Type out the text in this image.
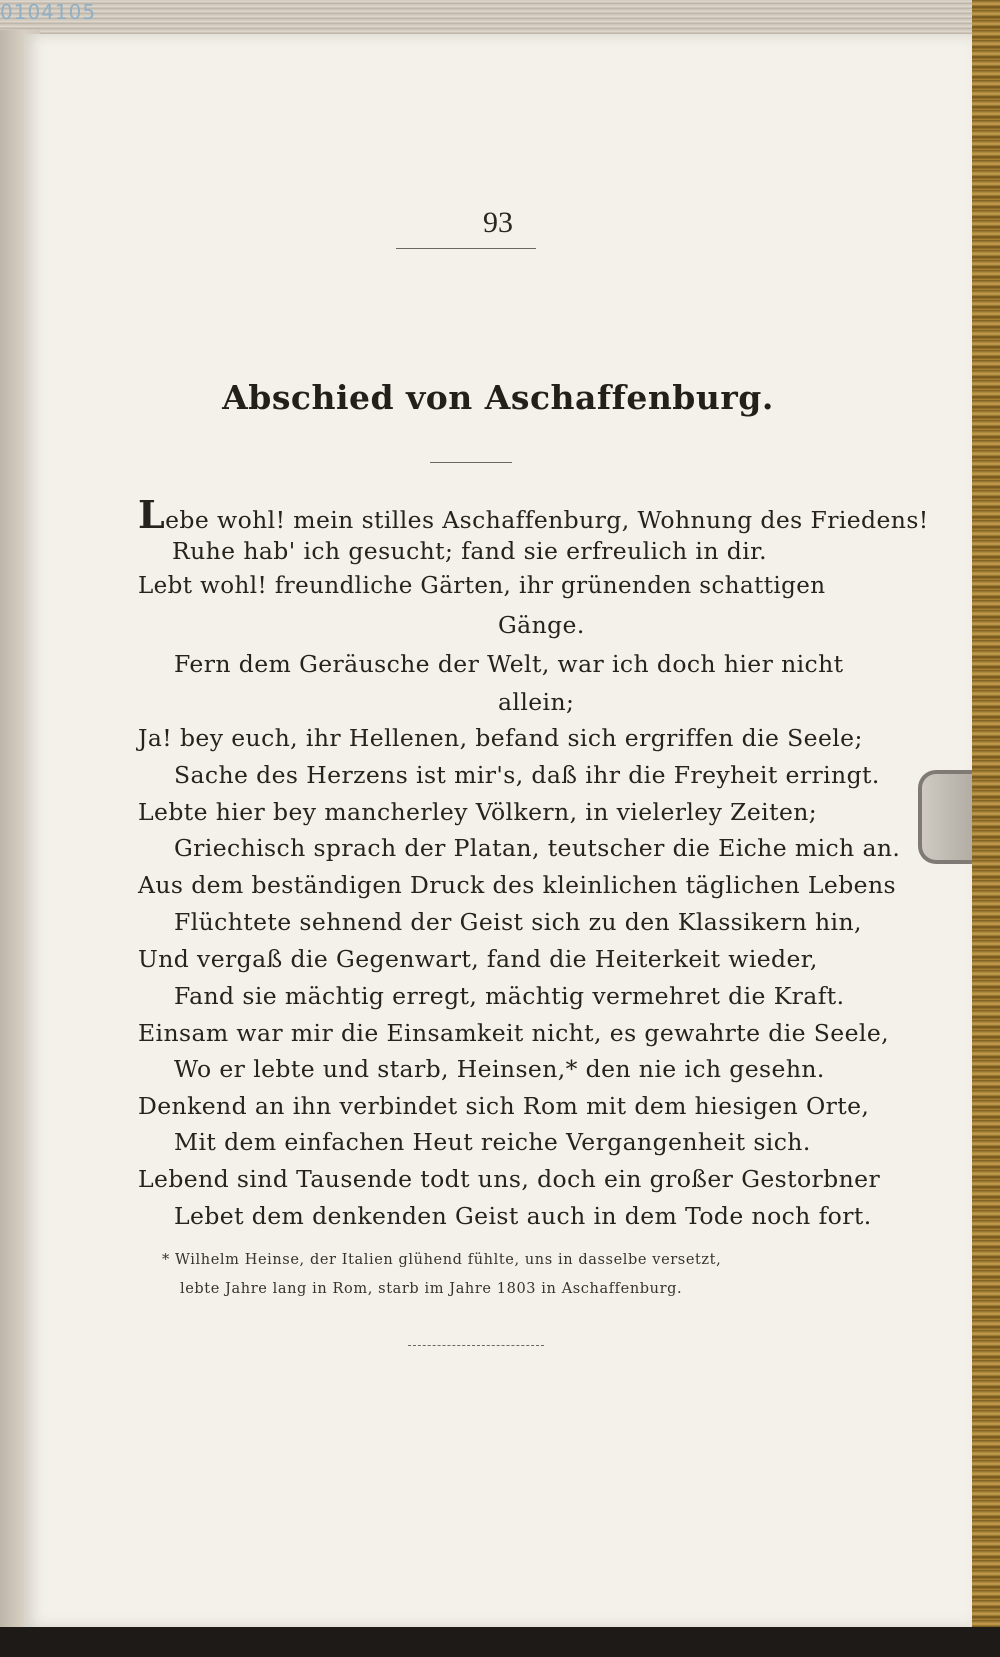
0104105
93
Abschied von Aschaffenburg.
Lebe wohl! mein stilles Aschaffenburg, Wohnung des Friedens!
Ruhe hab' ich gesucht; fand sie erfreulich in dir.
Lebt wohl! freundliche Gärten, ihr grünenden schattigen
Gänge.
Fern dem Geräusche der Welt, war ich doch hier nicht
allein;
Ja! bey euch, ihr Hellenen, befand sich ergriffen die Seele;
Sache des Herzens ist mir's, daß ihr die Freyheit erringt.
Lebte hier bey mancherley Völkern, in vielerley Zeiten;
Griechisch sprach der Platan, teutscher die Eiche mich an.
Aus dem beständigen Druck des kleinlichen täglichen Lebens
Flüchtete sehnend der Geist sich zu den Klassikern hin,
Und vergaß die Gegenwart, fand die Heiterkeit wieder,
Fand sie mächtig erregt, mächtig vermehret die Kraft.
Einsam war mir die Einsamkeit nicht, es gewahrte die Seele,
Wo er lebte und starb, Heinsen,* den nie ich gesehn.
Denkend an ihn verbindet sich Rom mit dem hiesigen Orte,
Mit dem einfachen Heut reiche Vergangenheit sich.
Lebend sind Tausende todt uns, doch ein großer Gestorbner
Lebet dem denkenden Geist auch in dem Tode noch fort.
* Wilhelm Heinse, der Italien glühend fühlte, uns in dasselbe versetzt,
lebte Jahre lang in Rom, starb im Jahre 1803 in Aschaffenburg.
